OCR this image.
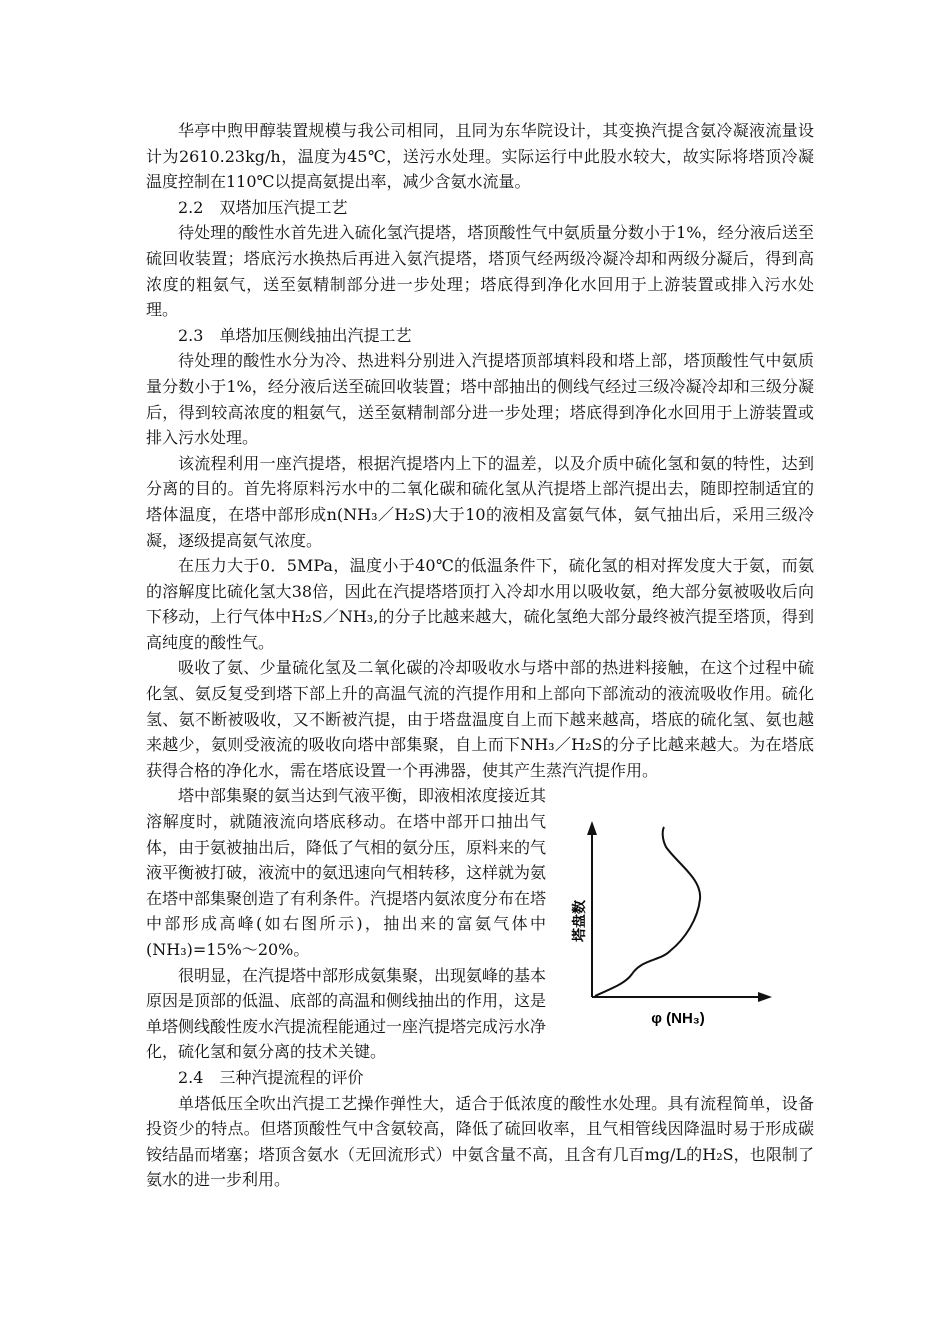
华亭中煦甲醇装置规模与我公司相同，且同为东华院设计，其变换汽提含氨冷凝液流量设计为2610.23kg/h，温度为45℃，送污水处理。实际运行中此股水较大，故实际将塔顶冷凝温度控制在110℃以提高氨提出率，减少含氨水流量。

2.2　双塔加压汽提工艺

待处理的酸性水首先进入硫化氢汽提塔，塔顶酸性气中氨质量分数小于1%，经分液后送至硫回收装置；塔底污水换热后再进入氨汽提塔，塔顶气经两级冷凝冷却和两级分凝后，得到高浓度的粗氨气，送至氨精制部分进一步处理；塔底得到净化水回用于上游装置或排入污水处理。

2.3　单塔加压侧线抽出汽提工艺

待处理的酸性水分为冷、热进料分别进入汽提塔顶部填料段和塔上部，塔顶酸性气中氨质量分数小于1%，经分液后送至硫回收装置；塔中部抽出的侧线气经过三级冷凝冷却和三级分凝后，得到较高浓度的粗氨气，送至氨精制部分进一步处理；塔底得到净化水回用于上游装置或排入污水处理。

该流程利用一座汽提塔，根据汽提塔内上下的温差，以及介质中硫化氢和氨的特性，达到分离的目的。首先将原料污水中的二氧化碳和硫化氢从汽提塔上部汽提出去，随即控制适宜的塔体温度，在塔中部形成n(NH₃／H₂S)大于10的液相及富氨气体，氨气抽出后，采用三级冷凝，逐级提高氨气浓度。

在压力大于0．5MPa，温度小于40℃的低温条件下，硫化氢的相对挥发度大于氨，而氨的溶解度比硫化氢大38倍，因此在汽提塔塔顶打入冷却水用以吸收氨，绝大部分氨被吸收后向下移动，上行气体中H₂S／NH₃,的分子比越来越大，硫化氢绝大部分最终被汽提至塔顶，得到高纯度的酸性气。

吸收了氨、少量硫化氢及二氧化碳的冷却吸收水与塔中部的热进料接触，在这个过程中硫化氢、氨反复受到塔下部上升的高温气流的汽提作用和上部向下部流动的液流吸收作用。硫化氢、氨不断被吸收，又不断被汽提，由于塔盘温度自上而下越来越高，塔底的硫化氢、氨也越来越少，氨则受液流的吸收向塔中部集聚，自上而下NH₃／H₂S的分子比越来越大。为在塔底获得合格的净化水，需在塔底设置一个再沸器，使其产生蒸汽汽提作用。

塔盘数
φ (NH₃)

塔中部集聚的氨当达到气液平衡，即液相浓度接近其溶解度时，就随液流向塔底移动。在塔中部开口抽出气体，由于氨被抽出后，降低了气相的氨分压，原料来的气液平衡被打破，液流中的氨迅速向气相转移，这样就为氨在塔中部集聚创造了有利条件。汽提塔内氨浓度分布在塔中部形成高峰(如右图所示)，抽出来的富氨气体中(NH₃)=15%～20%。

很明显，在汽提塔中部形成氨集聚，出现氨峰的基本原因是顶部的低温、底部的高温和侧线抽出的作用，这是单塔侧线酸性废水汽提流程能通过一座汽提塔完成污水净化，硫化氢和氨分离的技术关键。

2.4　三种汽提流程的评价

单塔低压全吹出汽提工艺操作弹性大，适合于低浓度的酸性水处理。具有流程简单，设备投资少的特点。但塔顶酸性气中含氨较高，降低了硫回收率，且气相管线因降温时易于形成碳铵结晶而堵塞；塔顶含氨水（无回流形式）中氨含量不高，且含有几百mg/L的H₂S，也限制了氨水的进一步利用。
